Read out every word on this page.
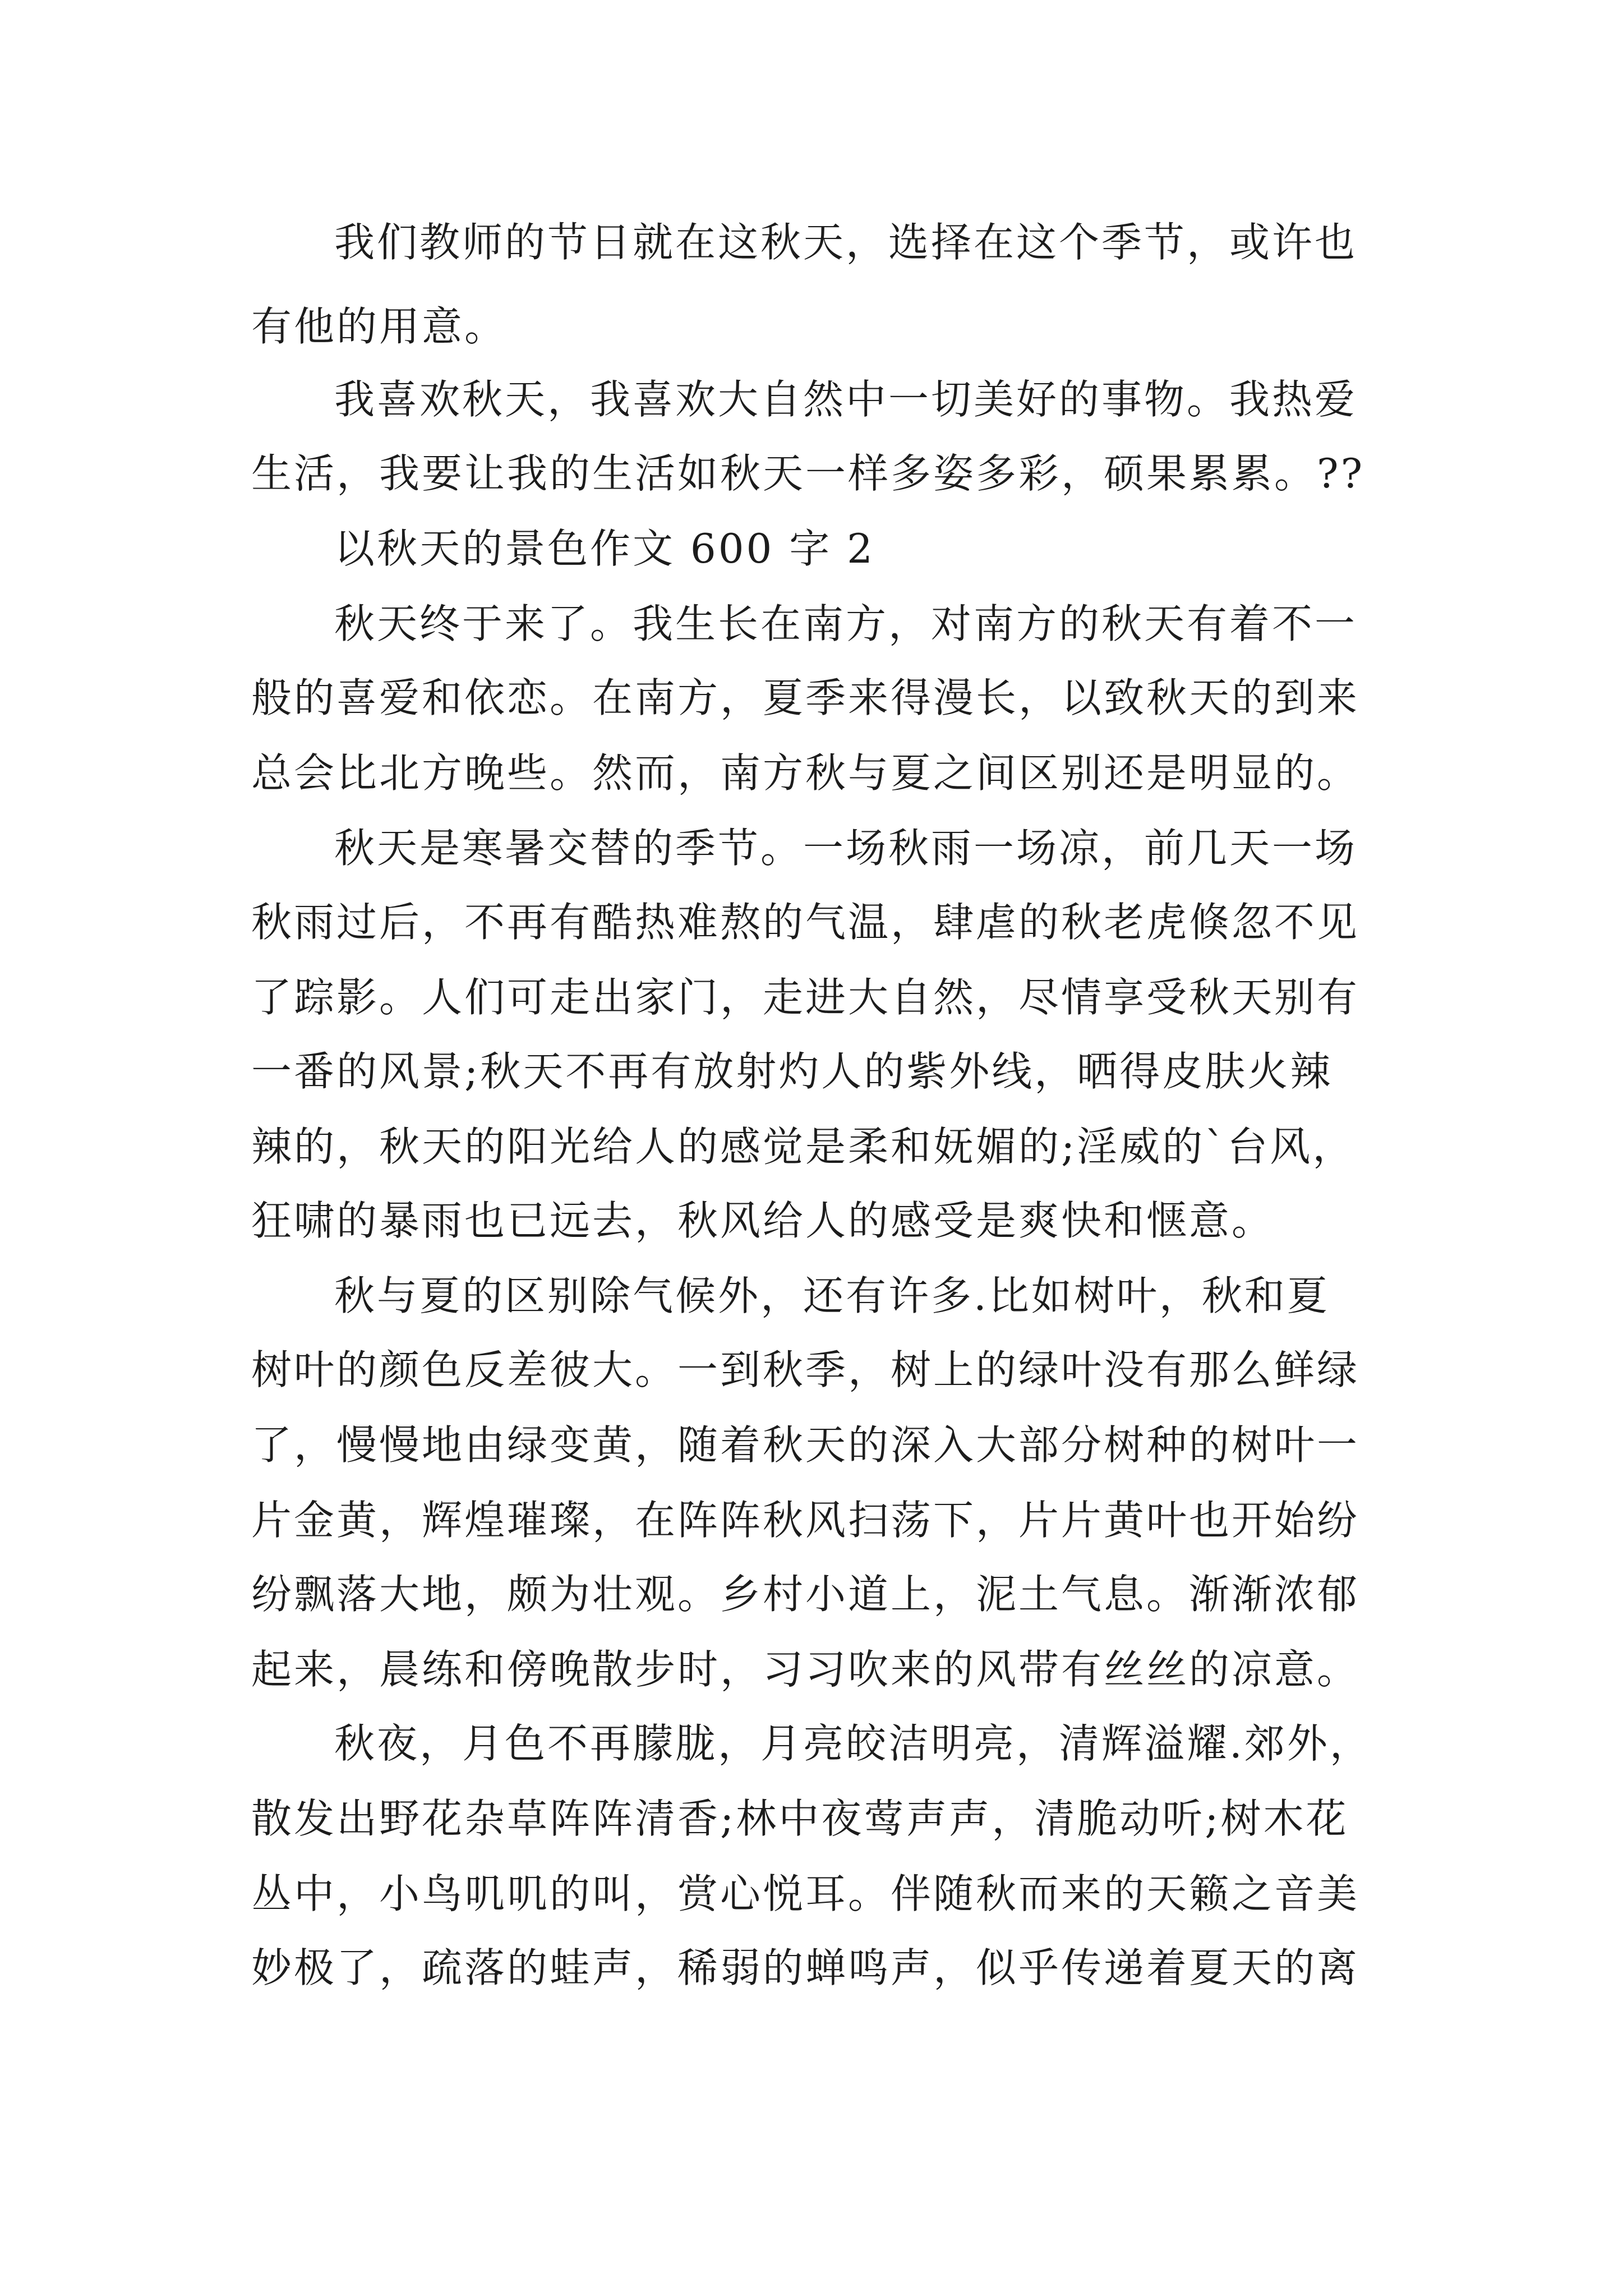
我们教师的节日就在这秋天，选择在这个季节，或许也
有他的用意。
我喜欢秋天，我喜欢大自然中一切美好的事物。我热爱
生活，我要让我的生活如秋天一样多姿多彩，硕果累累。??
以秋天的景色作文 600 字 2
秋天终于来了。我生长在南方，对南方的秋天有着不一
般的喜爱和依恋。在南方，夏季来得漫长，以致秋天的到来
总会比北方晚些。然而，南方秋与夏之间区别还是明显的。
秋天是寒暑交替的季节。一场秋雨一场凉，前几天一场
秋雨过后，不再有酷热难熬的气温，肆虐的秋老虎倏忽不见
了踪影。人们可走出家门，走进大自然，尽情享受秋天别有
一番的风景;秋天不再有放射灼人的紫外线，晒得皮肤火辣
辣的，秋天的阳光给人的感觉是柔和妩媚的;淫威的`台风，
狂啸的暴雨也已远去，秋风给人的感受是爽快和惬意。
秋与夏的区别除气候外，还有许多.比如树叶，秋和夏
树叶的颜色反差彼大。一到秋季，树上的绿叶没有那么鲜绿
了，慢慢地由绿变黄，随着秋天的深入大部分树种的树叶一
片金黄，辉煌璀璨，在阵阵秋风扫荡下，片片黄叶也开始纷
纷飘落大地，颇为壮观。乡村小道上，泥土气息。渐渐浓郁
起来，晨练和傍晚散步时，习习吹来的风带有丝丝的凉意。
秋夜，月色不再朦胧，月亮皎洁明亮，清辉溢耀.郊外，
散发出野花杂草阵阵清香;林中夜莺声声，清脆动听;树木花
丛中，小鸟叽叽的叫，赏心悦耳。伴随秋而来的天籁之音美
妙极了，疏落的蛙声，稀弱的蝉鸣声，似乎传递着夏天的离
